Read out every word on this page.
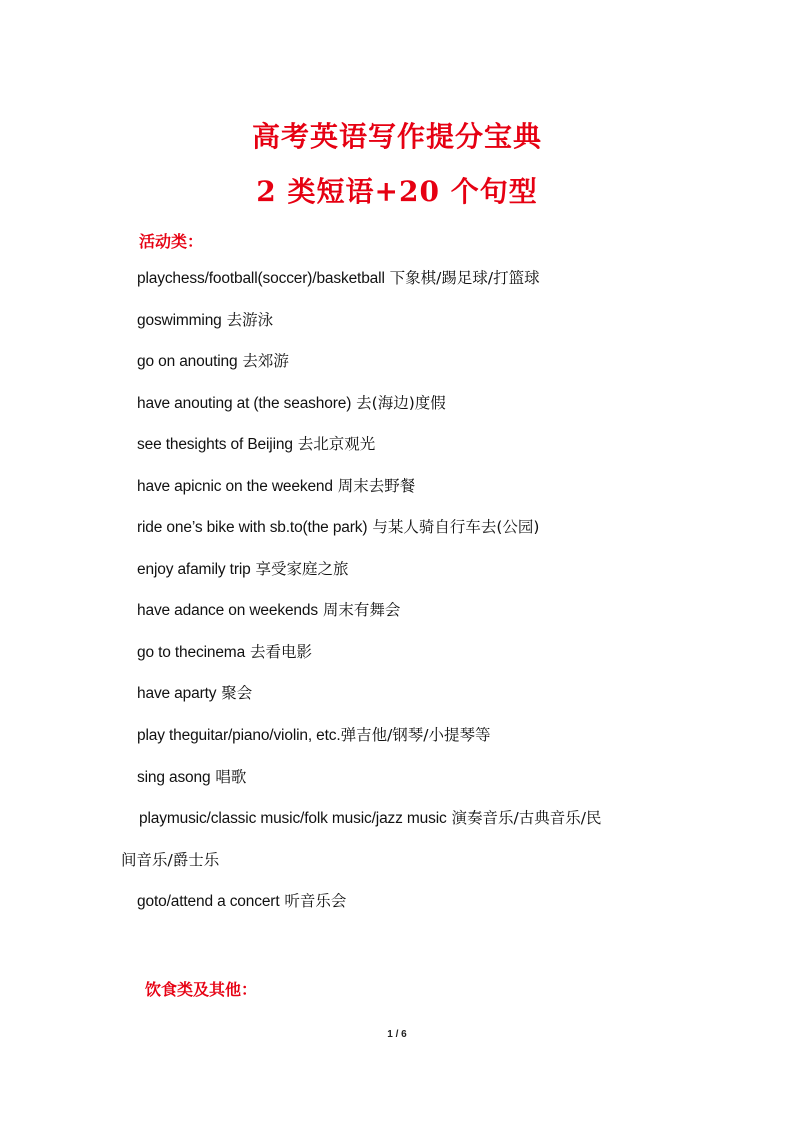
高考英语写作提分宝典
2 类短语+20 个句型
活动类：
playchess/football(soccer)/basketball 下象棋/踢足球/打篮球
goswimming 去游泳
go on anouting 去郊游
have anouting at (the seashore) 去(海边)度假
see thesights of Beijing 去北京观光
have apicnic on the weekend 周末去野餐
ride one’s bike with sb.to(the park) 与某人骑自行车去(公园)
enjoy afamily trip 享受家庭之旅
have adance on weekends 周末有舞会
go to thecinema 去看电影
have aparty 聚会
play theguitar/piano/violin, etc.弹吉他/钢琴/小提琴等
sing asong 唱歌
playmusic/classic music/folk music/jazz music 演奏音乐/古典音乐/民
间音乐/爵士乐
goto/attend a concert 听音乐会
饮食类及其他：
1 / 6
